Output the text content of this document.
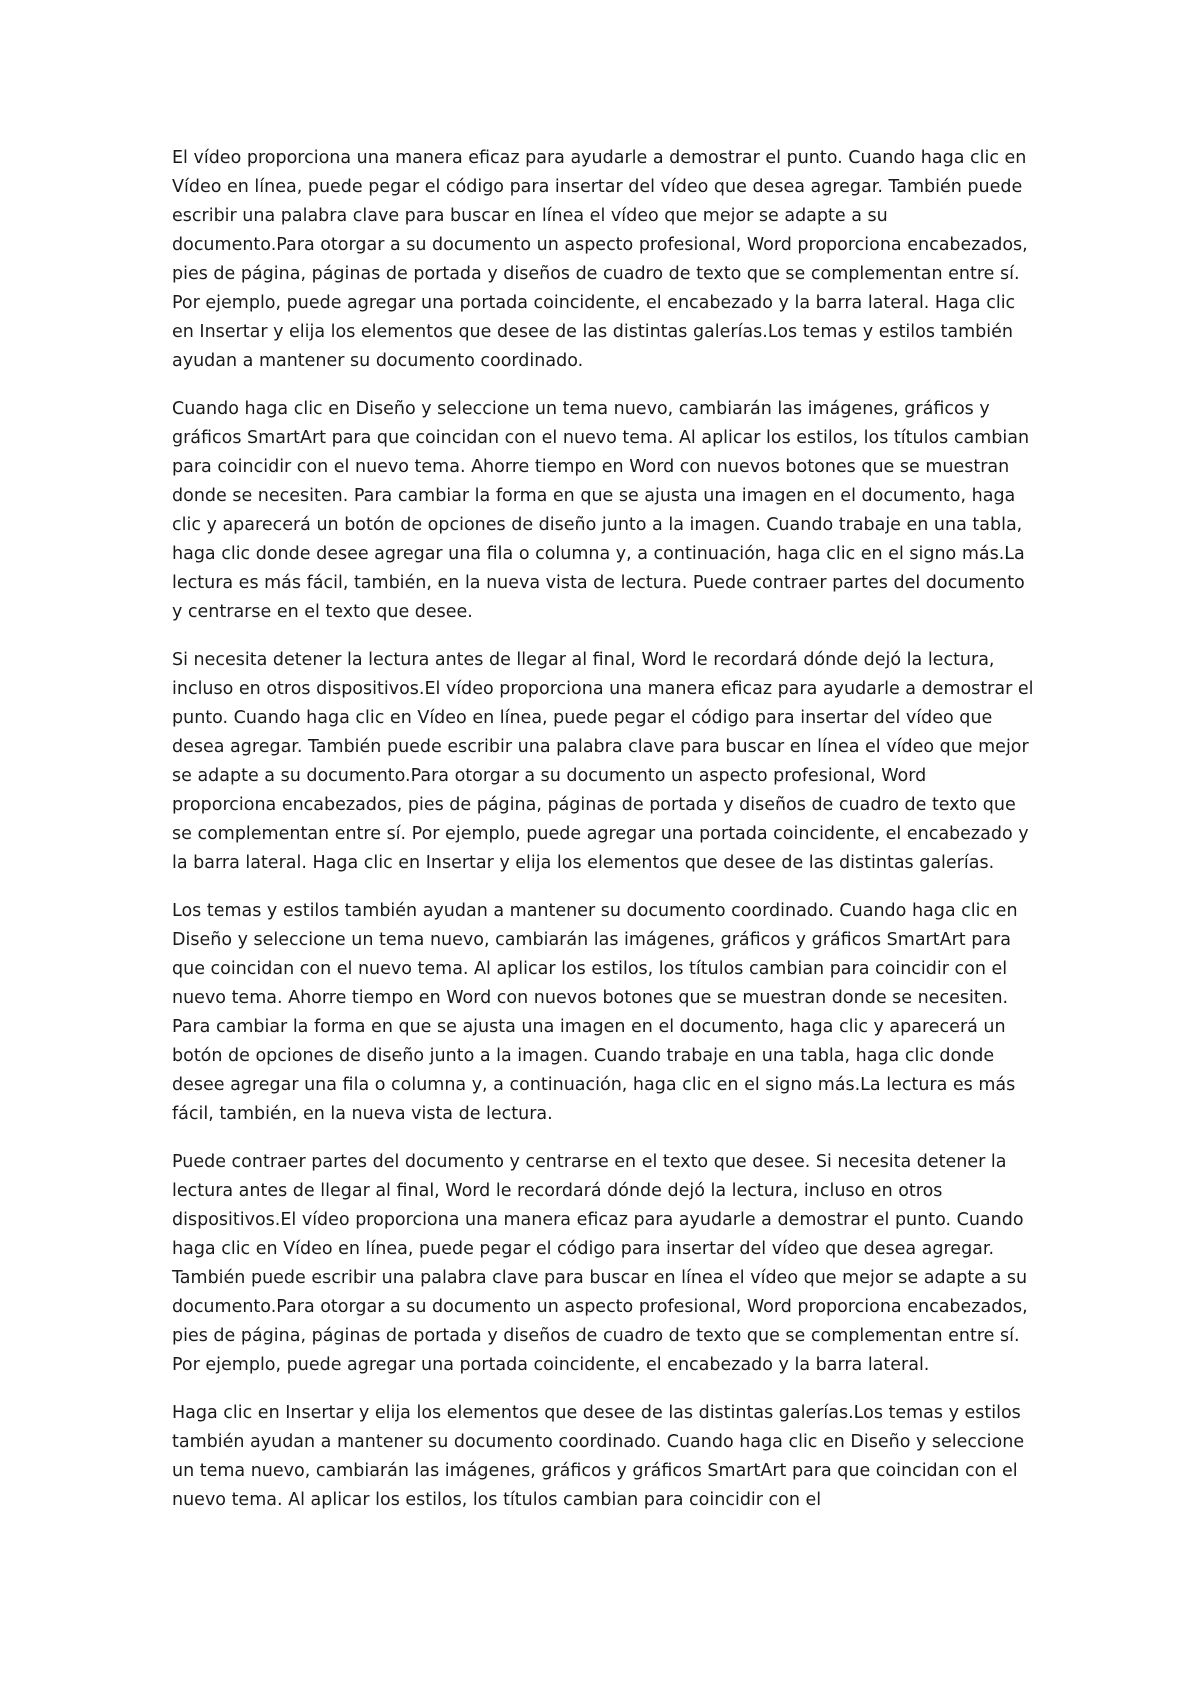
El vídeo proporciona una manera eficaz para ayudarle a demostrar el punto. Cuando haga clic en Vídeo en línea, puede pegar el código para insertar del vídeo que desea agregar. También puede escribir una palabra clave para buscar en línea el vídeo que mejor se adapte a su documento.Para otorgar a su documento un aspecto profesional, Word proporciona encabezados, pies de página, páginas de portada y diseños de cuadro de texto que se complementan entre sí. Por ejemplo, puede agregar una portada coincidente, el encabezado y la barra lateral. Haga clic en Insertar y elija los elementos que desee de las distintas galerías.Los temas y estilos también ayudan a mantener su documento coordinado.

Cuando haga clic en Diseño y seleccione un tema nuevo, cambiarán las imágenes, gráficos y gráficos SmartArt para que coincidan con el nuevo tema. Al aplicar los estilos, los títulos cambian para coincidir con el nuevo tema. Ahorre tiempo en Word con nuevos botones que se muestran donde se necesiten. Para cambiar la forma en que se ajusta una imagen en el documento, haga clic y aparecerá un botón de opciones de diseño junto a la imagen. Cuando trabaje en una tabla, haga clic donde desee agregar una fila o columna y, a continuación, haga clic en el signo más.La lectura es más fácil, también, en la nueva vista de lectura. Puede contraer partes del documento y centrarse en el texto que desee.

Si necesita detener la lectura antes de llegar al final, Word le recordará dónde dejó la lectura, incluso en otros dispositivos.El vídeo proporciona una manera eficaz para ayudarle a demostrar el punto. Cuando haga clic en Vídeo en línea, puede pegar el código para insertar del vídeo que desea agregar. También puede escribir una palabra clave para buscar en línea el vídeo que mejor se adapte a su documento.Para otorgar a su documento un aspecto profesional, Word proporciona encabezados, pies de página, páginas de portada y diseños de cuadro de texto que se complementan entre sí. Por ejemplo, puede agregar una portada coincidente, el encabezado y la barra lateral. Haga clic en Insertar y elija los elementos que desee de las distintas galerías.

Los temas y estilos también ayudan a mantener su documento coordinado. Cuando haga clic en Diseño y seleccione un tema nuevo, cambiarán las imágenes, gráficos y gráficos SmartArt para que coincidan con el nuevo tema. Al aplicar los estilos, los títulos cambian para coincidir con el nuevo tema. Ahorre tiempo en Word con nuevos botones que se muestran donde se necesiten. Para cambiar la forma en que se ajusta una imagen en el documento, haga clic y aparecerá un botón de opciones de diseño junto a la imagen. Cuando trabaje en una tabla, haga clic donde desee agregar una fila o columna y, a continuación, haga clic en el signo más.La lectura es más fácil, también, en la nueva vista de lectura.

Puede contraer partes del documento y centrarse en el texto que desee. Si necesita detener la lectura antes de llegar al final, Word le recordará dónde dejó la lectura, incluso en otros dispositivos.El vídeo proporciona una manera eficaz para ayudarle a demostrar el punto. Cuando haga clic en Vídeo en línea, puede pegar el código para insertar del vídeo que desea agregar. También puede escribir una palabra clave para buscar en línea el vídeo que mejor se adapte a su documento.Para otorgar a su documento un aspecto profesional, Word proporciona encabezados, pies de página, páginas de portada y diseños de cuadro de texto que se complementan entre sí. Por ejemplo, puede agregar una portada coincidente, el encabezado y la barra lateral.

Haga clic en Insertar y elija los elementos que desee de las distintas galerías.Los temas y estilos también ayudan a mantener su documento coordinado. Cuando haga clic en Diseño y seleccione un tema nuevo, cambiarán las imágenes, gráficos y gráficos SmartArt para que coincidan con el nuevo tema. Al aplicar los estilos, los títulos cambian para coincidir con el
